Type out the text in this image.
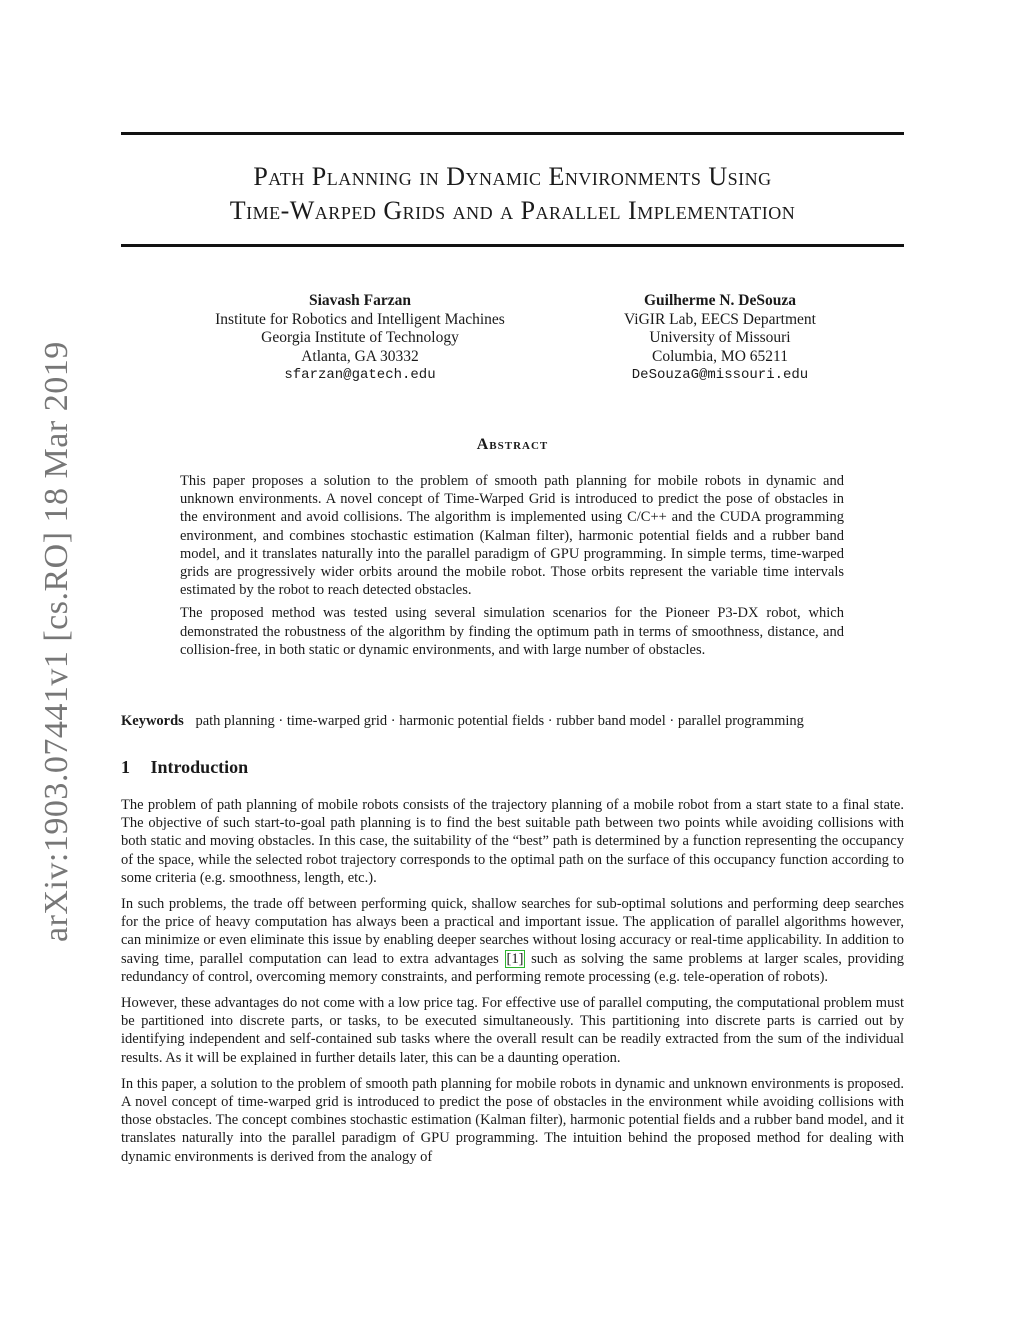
arXiv:1903.07441v1 [cs.RO] 18 Mar 2019
Path Planning in Dynamic Environments Using
Time-Warped Grids and a Parallel Implementation
Siavash Farzan
Institute for Robotics and Intelligent Machines
Georgia Institute of Technology
Atlanta, GA 30332
sfarzan@gatech.edu
Guilherme N. DeSouza
ViGIR Lab, EECS Department
University of Missouri
Columbia, MO 65211
DeSouzaG@missouri.edu
Abstract

This paper proposes a solution to the problem of smooth path planning for mobile robots in dynamic and unknown environments. A novel concept of Time-Warped Grid is introduced to predict the pose of obstacles in the environment and avoid collisions. The algorithm is implemented using C/C++ and the CUDA programming environment, and combines stochastic estimation (Kalman filter), harmonic potential fields and a rubber band model, and it translates naturally into the parallel paradigm of GPU programming. In simple terms, time-warped grids are progressively wider orbits around the mobile robot. Those orbits represent the variable time intervals estimated by the robot to reach detected obstacles.

The proposed method was tested using several simulation scenarios for the Pioneer P3-DX robot, which demonstrated the robustness of the algorithm by finding the optimum path in terms of smoothness, distance, and collision-free, in both static or dynamic environments, and with large number of obstacles.

Keywords path planning · time-warped grid · harmonic potential fields · rubber band model · parallel programming
1 Introduction

The problem of path planning of mobile robots consists of the trajectory planning of a mobile robot from a start state to a final state. The objective of such start-to-goal path planning is to find the best suitable path between two points while avoiding collisions with both static and moving obstacles. In this case, the suitability of the “best” path is determined by a function representing the occupancy of the space, while the selected robot trajectory corresponds to the optimal path on the surface of this occupancy function according to some criteria (e.g. smoothness, length, etc.).

In such problems, the trade off between performing quick, shallow searches for sub-optimal solutions and performing deep searches for the price of heavy computation has always been a practical and important issue. The application of parallel algorithms however, can minimize or even eliminate this issue by enabling deeper searches without losing accuracy or real-time applicability. In addition to saving time, parallel computation can lead to extra advantages [1] such as solving the same problems at larger scales, providing redundancy of control, overcoming memory constraints, and performing remote processing (e.g. tele-operation of robots).

However, these advantages do not come with a low price tag. For effective use of parallel computing, the computational problem must be partitioned into discrete parts, or tasks, to be executed simultaneously. This partitioning into discrete parts is carried out by identifying independent and self-contained sub tasks where the overall result can be readily extracted from the sum of the individual results. As it will be explained in further details later, this can be a daunting operation.

In this paper, a solution to the problem of smooth path planning for mobile robots in dynamic and unknown environments is proposed. A novel concept of time-warped grid is introduced to predict the pose of obstacles in the environment while avoiding collisions with those obstacles. The concept combines stochastic estimation (Kalman filter), harmonic potential fields and a rubber band model, and it translates naturally into the parallel paradigm of GPU programming. The intuition behind the proposed method for dealing with dynamic environments is derived from the analogy of
